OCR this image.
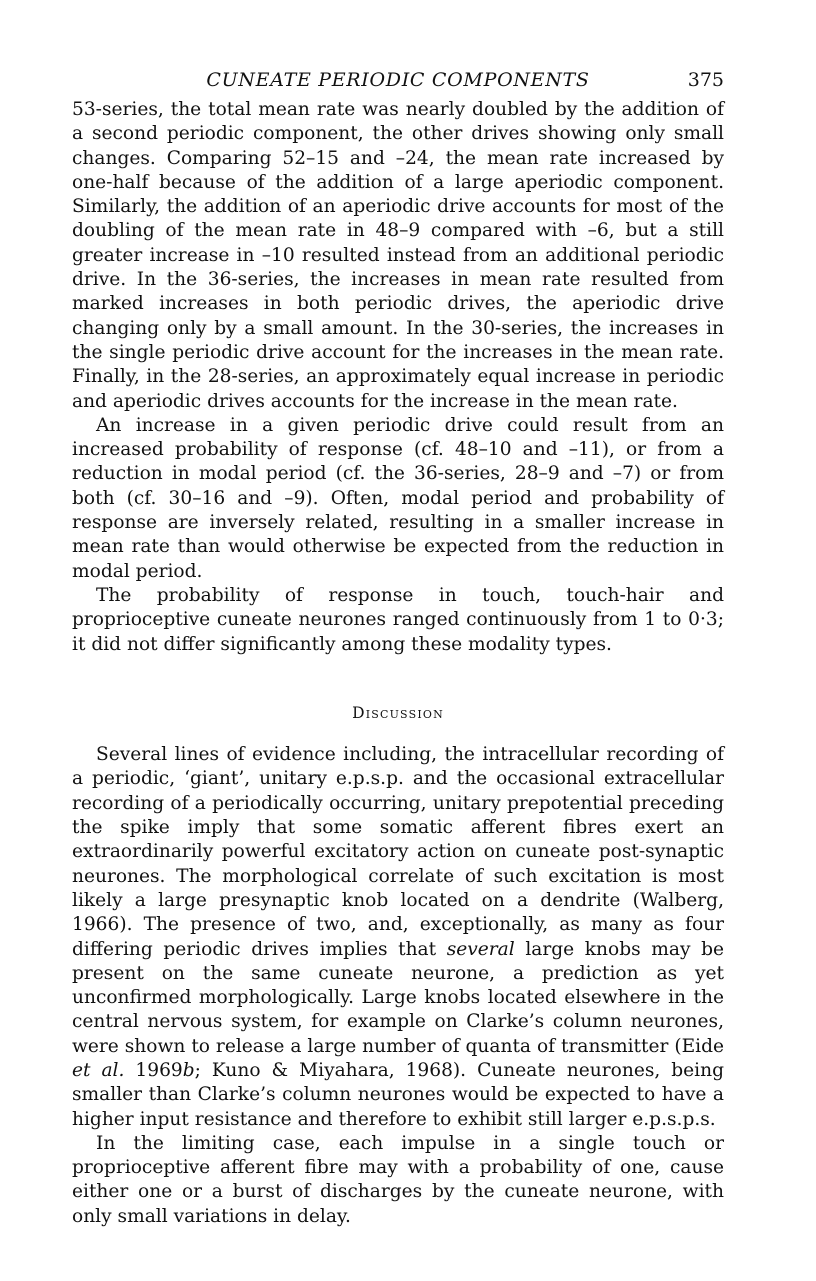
CUNEATE PERIODIC COMPONENTS	375

53-series, the total mean rate was nearly doubled by the addition of a second periodic component, the other drives showing only small changes. Comparing 52–15 and –24, the mean rate increased by one-half because of the addition of a large aperiodic component. Similarly, the addition of an aperiodic drive accounts for most of the doubling of the mean rate in 48–9 compared with –6, but a still greater increase in –10 resulted instead from an additional periodic drive. In the 36-series, the increases in mean rate resulted from marked increases in both periodic drives, the aperiodic drive changing only by a small amount. In the 30-series, the increases in the single periodic drive account for the increases in the mean rate. Finally, in the 28-series, an approximately equal increase in periodic and aperiodic drives accounts for the increase in the mean rate.

An increase in a given periodic drive could result from an increased probability of response (cf. 48–10 and –11), or from a reduction in modal period (cf. the 36-series, 28–9 and –7) or from both (cf. 30–16 and –9). Often, modal period and probability of response are inversely related, resulting in a smaller increase in mean rate than would otherwise be expected from the reduction in modal period.

The probability of response in touch, touch-hair and proprioceptive cuneate neurones ranged continuously from 1 to 0·3; it did not differ significantly among these modality types.

Discussion

Several lines of evidence including, the intracellular recording of a periodic, ‘giant’, unitary e.p.s.p. and the occasional extracellular recording of a periodically occurring, unitary prepotential preceding the spike imply that some somatic afferent fibres exert an extraordinarily powerful excitatory action on cuneate post-synaptic neurones. The morphological correlate of such excitation is most likely a large presynaptic knob located on a dendrite (Walberg, 1966). The presence of two, and, exceptionally, as many as four differing periodic drives implies that several large knobs may be present on the same cuneate neurone, a prediction as yet unconfirmed morphologically. Large knobs located elsewhere in the central nervous system, for example on Clarke’s column neurones, were shown to release a large number of quanta of transmitter (Eide et al. 1969b; Kuno & Miyahara, 1968). Cuneate neurones, being smaller than Clarke’s column neurones would be expected to have a higher input resistance and therefore to exhibit still larger e.p.s.p.s.

In the limiting case, each impulse in a single touch or proprioceptive afferent fibre may with a probability of one, cause either one or a burst of discharges by the cuneate neurone, with only small variations in delay.
